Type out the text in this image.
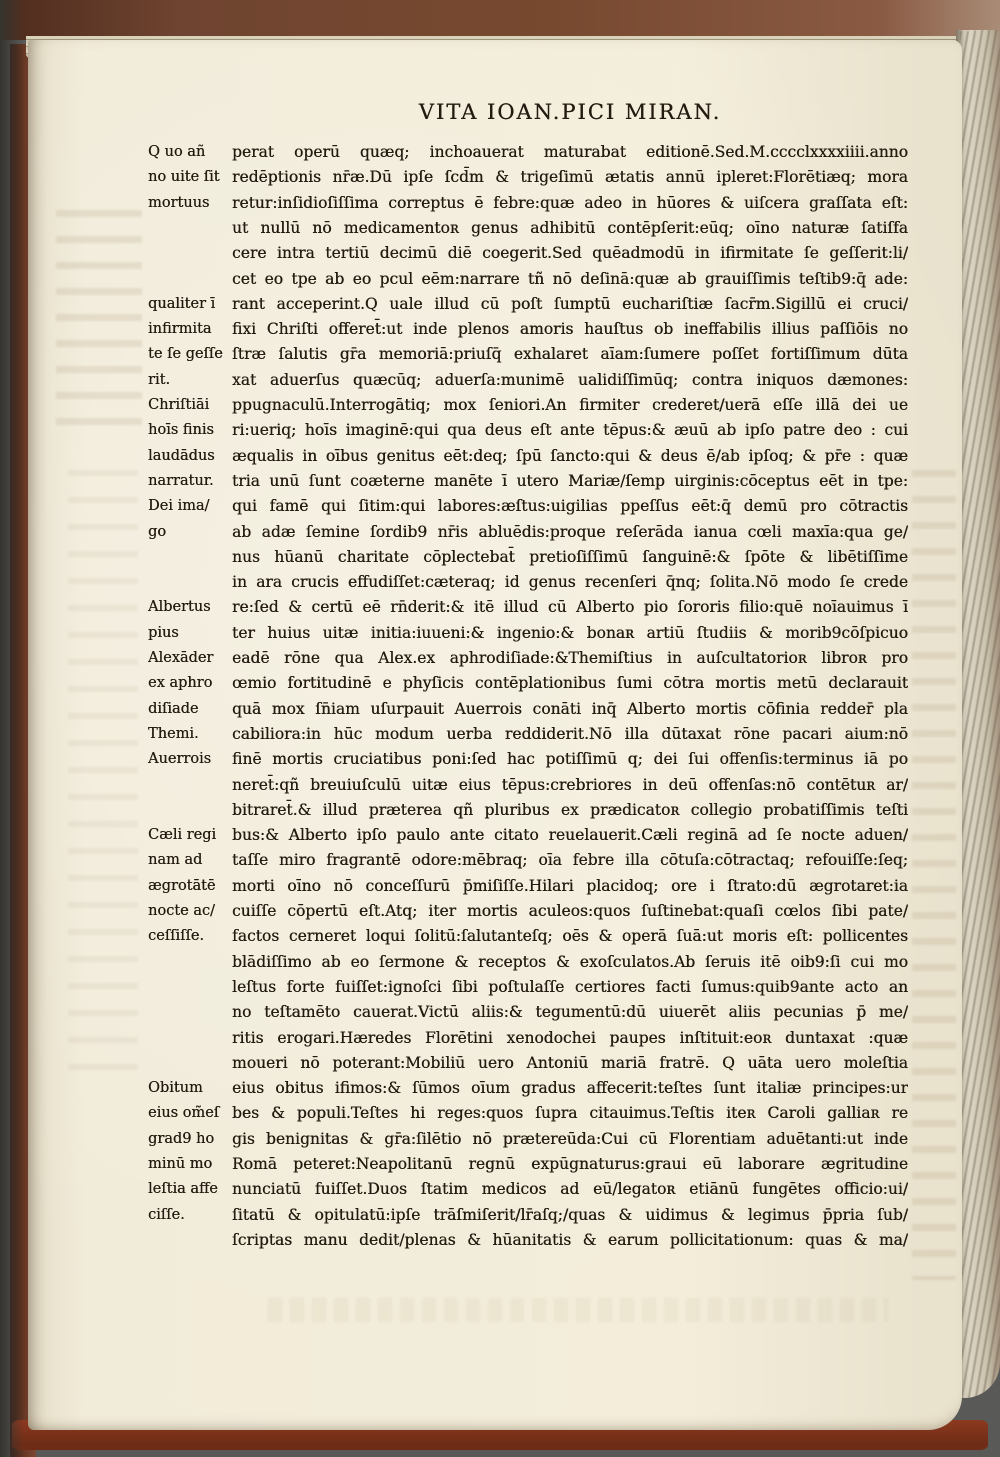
VITA IOAN.PICI MIRAN.
Q uo añ
no uite ſit
mortuus
qualiter ī
infirmita
te ſe geſſe
rit.
Chriſtiāi
hoīs finis
laudādus
narratur.
Dei ima/
go
Albertus
pius
Alexāder
ex aphro
diſiade
Themi.
Auerrois
Cæli regi
nam ad
ægrotātē
nocte ac/
ceſſiſſe.
Obitum
eius om̃eſ
grad9 ho
minū mo
leſtia affe
ciſſe.
perat operū quæq; inchoauerat maturabat editionē.Sed.M.cccclxxxxiiii.anno
redēptionis nr̄æ.Dū ipſe ſcd̄m & trigeſimū ætatis annū ipleret:Florētiæq; mora
retur:inſidioſiſſima correptus ē febre:quæ adeo in hūores & uiſcera graſſata eſt:
ut nullū nō medicamentoʀ genus adhibitū contēpſerit:eūq; oīno naturæ ſatiſfa
cere intra tertiū decimū diē coegerit.Sed quēadmodū in ifirmitate ſe geſſerit:li/
cet eo tpe ab eo pcul eēm:narrare tñ nō deſinā:quæ ab grauiſſimis teſtib9:q̄ ade:
rant acceperint.Q uale illud cū poſt ſumptū euchariſtiæ ſacr̄m.Sigillū ei cruci/
fixi Chriſti offeret̄:ut inde plenos amoris hauſtus ob ineffabilis illius paſſiōis no
ſtræ ſalutis gr̄a memoriā:priuſq̄ exhalaret aīam:ſumere poſſet fortiſſimum dūta
xat aduerſus quæcūq; aduerſa:munimē ualidiſſimūq; contra iniquos dæmones:
ppugnaculū.Interrogātiq; mox ſeniori.An firmiter crederet/uerā eſſe illā dei ue
ri:ueriq; hoīs imaginē:qui qua deus eſt ante tēpus:& æuū ab ipſo patre deo : cui
æqualis in oībus genitus eēt:deq; ſpū ſancto:qui & deus ē/ab ipſoq; & pr̄e : quæ
tria unū ſunt coæterne manēte ī utero Mariæ/ſemp uirginis:cōceptus eēt in tpe:
qui famē qui ſitim:qui labores:æſtus:uigilias ppeſſus eēt:q̄ demū pro cōtractis
ab adæ ſemine ſordib9 nr̄is abluēdis:proque reſerāda ianua cœli maxīa:qua ge/
nus hūanū charitate cōplectebat̄ pretioſiſſimū ſanguinē:& ſpōte & libētiſſime
in ara crucis effudiſſet:cæteraq; id genus recenſeri q̄nq; ſolita.Nō modo ſe crede
re:ſed & certū eē rn̄derit:& itē illud cū Alberto pio ſororis filio:quē noīauimus ī
ter huius uitæ initia:iuueni:& ingenio:& bonaʀ artiū ſtudiis & morib9cōſpicuo
eadē rōne qua Alex.ex aphrodiſiade:&Themiſtius in auſcultatorioʀ libroʀ pro
œmio fortitudinē e phyſicis contēplationibus ſumi cōtra mortis metū declarauit
quā mox ſn̄iam uſurpauit Auerrois conāti inq̄ Alberto mortis cōfinia redder̄ pla
cabiliora:in hūc modum uerba reddiderit.Nō illa dūtaxat rōne pacari aium:nō
finē mortis cruciatibus poni:ſed hac potiſſimū q; dei ſui offenſis:terminus iā po
neret̄:qñ breuiuſculū uitæ eius tēpus:crebriores in deū offenſas:nō contētuʀ ar/
bitraret̄.& illud præterea qñ pluribus ex prædicatoʀ collegio probatiſſimis teſti
bus:& Alberto ipſo paulo ante citato reuelauerit.Cæli reginā ad ſe nocte aduen/
taſſe miro fragrantē odore:mēbraq; oīa febre illa cōtuſa:cōtractaq; refouiſſe:ſeq;
morti oīno nō conceſſurū p̄miſiſſe.Hilari placidoq; ore i ſtrato:dū ægrotaret:ia
cuiſſe cōpertū eſt.Atq; iter mortis aculeos:quos ſuſtinebat:quaſi cœlos ſibi pate/
factos cerneret loqui ſolitū:ſalutanteſq; oēs & operā ſuā:ut moris eſt: pollicentes
blādiſſimo ab eo ſermone & receptos & exoſculatos.Ab ſeruis itē oib9:ſi cui mo
leſtus forte fuiſſet:ignoſci ſibi poſtulaſſe certiores facti ſumus:quib9ante acto an
no teſtamēto cauerat.Victū aliis:& tegumentū:dū uiuerēt aliis pecunias p̄ me/
ritis erogari.Hæredes Florētini xenodochei paupes inſtituit:eoʀ duntaxat :quæ
moueri nō poterant:Mobiliū uero Antoniū mariā fratrē. Q uāta uero moleſtia
eius obitus ifimos:& ſūmos oīum gradus affecerit:teſtes ſunt italiæ principes:ur
bes & populi.Teſtes hi reges:quos ſupra citauimus.Teſtis iteʀ Caroli galliaʀ re
gis benignitas & gr̄a:ſilētio nō prætereūda:Cui cū Florentiam aduētanti:ut inde
Romā peteret:Neapolitanū regnū expūgnaturus:graui eū laborare ægritudine
nunciatū fuiſſet.Duos ſtatim medicos ad eū/legatoʀ etiānū fungētes officio:ui/
ſitatū & opitulatū:ipſe trāſmiſerit/lr̄aſq;/quas & uidimus & legimus p̄pria ſub/
ſcriptas manu dedit/plenas & hūanitatis & earum pollicitationum: quas & ma/
